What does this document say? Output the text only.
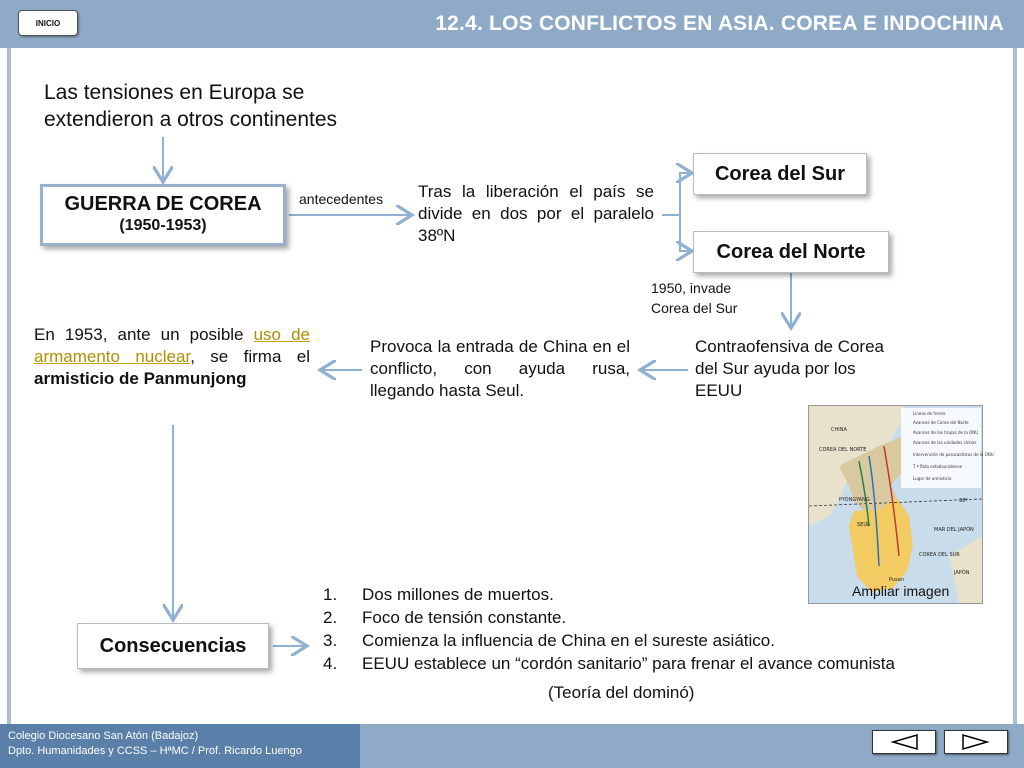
INICIO	12.4. LOS CONFLICTOS EN ASIA. COREA E INDOCHINA
Las tensiones en Europa se
extendieron a otros continentes
GUERRA DE COREA
(1950-1953)
antecedentes Tras la liberación el país se divide en dos por el paralelo 38ºN
Corea del Sur
Corea del Norte
1950, invade
Corea del Sur
Contraofensiva de Corea del Sur ayuda por los EEUU
Provoca la entrada de China en el conflicto, con ayuda rusa, llegando hasta Seul.
En 1953, ante un posible uso de armamento nuclear, se firma el armisticio de Panmunjong
Líneas de frente
Avances de Corea del Norte
Avances de las tropas de la ONU
Avances de las unidades chinas
Intervención de paracaidistas de la ONU
7.ª flota estadounidense
Lugar de armisticio
CHINA
COREA DEL NORTE
PYONGYANG
SEÚL
COREA DEL SUR
MAR DEL JAPÓN
JAPÓN
Pusan
38º
Ampliar imagen
Consecuencias
1. Dos millones de muertos.
2. Foco de tensión constante.
3. Comienza la influencia de China en el sureste asiático.
4. EEUU establece un “cordón sanitario” para frenar el avance comunista
(Teoría del dominó)
Colegio Diocesano San Atón (Badajoz)
Dpto. Humanidades y CCSS – HªMC / Prof. Ricardo Luengo
